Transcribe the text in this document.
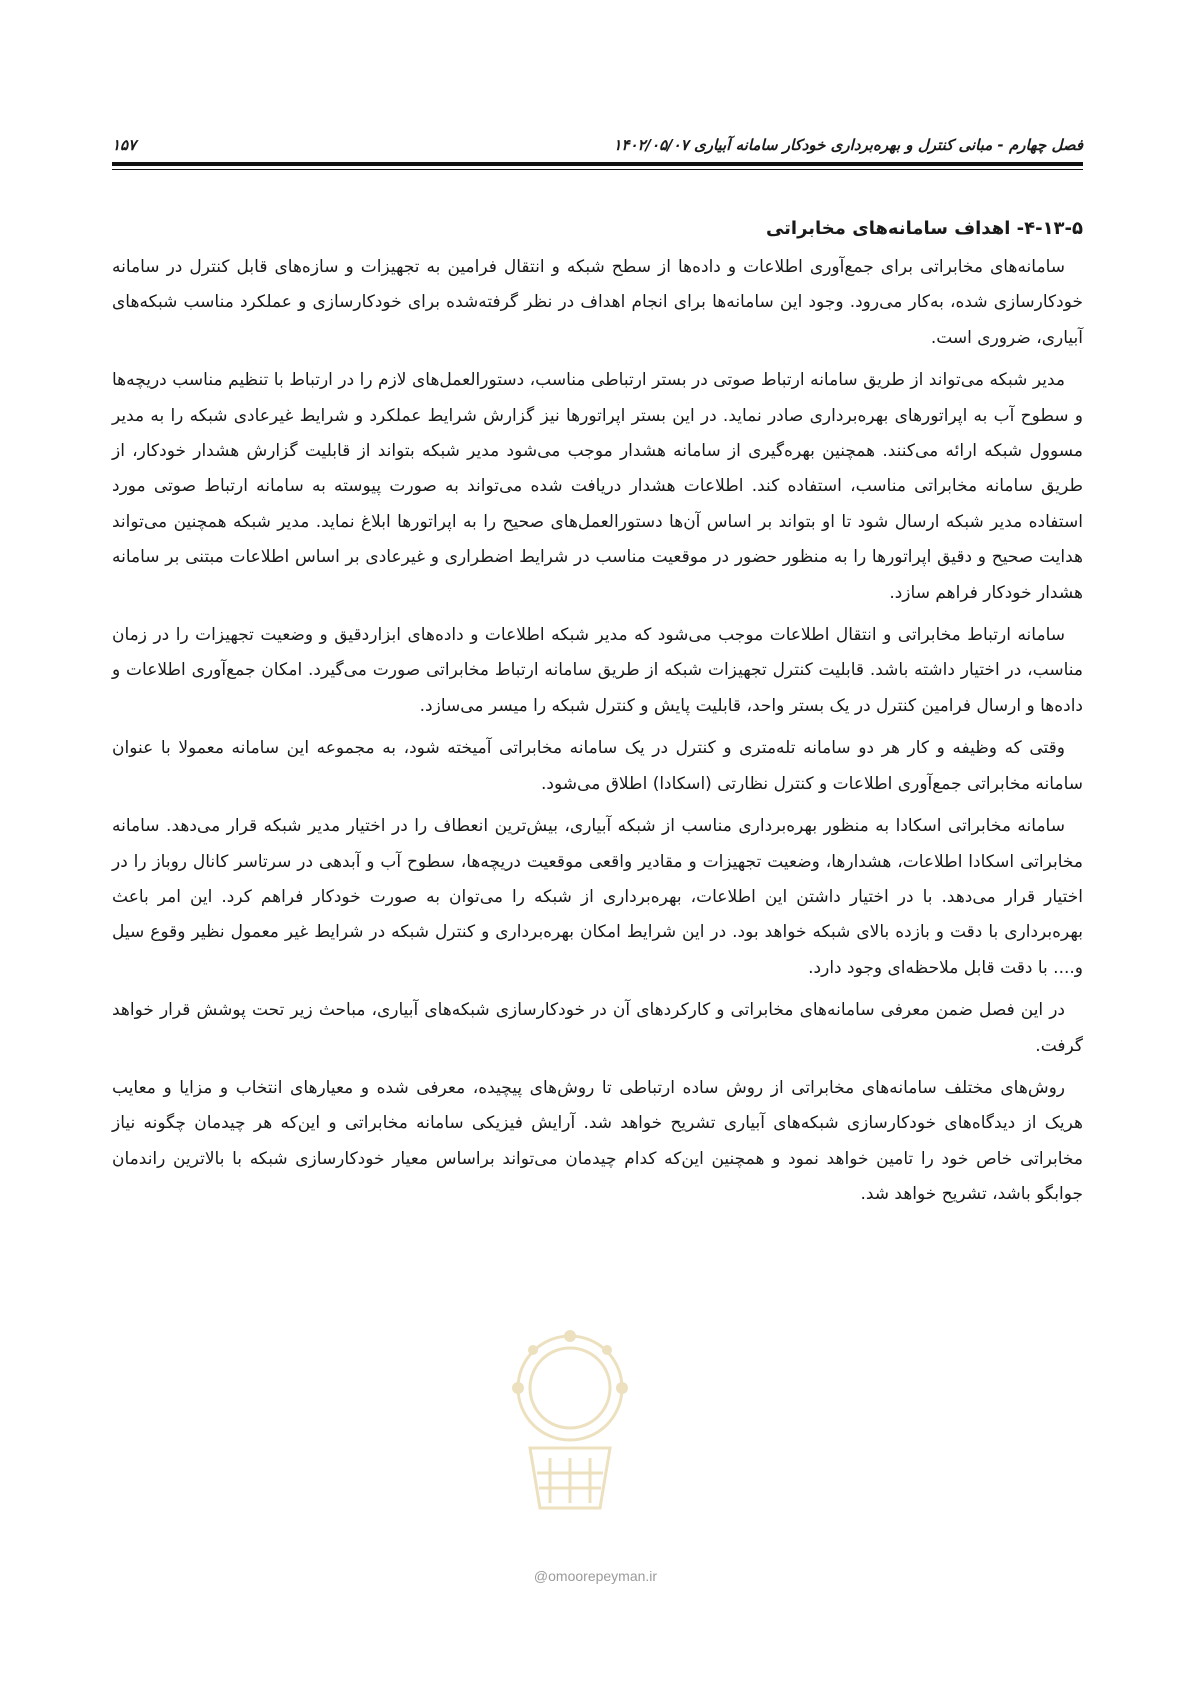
فصل چهارم - مبانی کنترل و بهره‌برداری خودکار سامانه آبیاری ۱۴۰۲/۰۵/۰۷
۱۵۷
۴-۱۳-۵- اهداف سامانه‌های مخابراتی

سامانه‌های مخابراتی برای جمع‌آوری اطلاعات و داده‌ها از سطح شبکه و انتقال فرامین به تجهیزات و سازه‌های قابل کنترل در سامانه خودکارسازی شده، به‌کار می‌رود. وجود این سامانه‌ها برای انجام اهداف در نظر گرفته‌شده برای خودکارسازی و عملکرد مناسب شبکه‌های آبیاری، ضروری است.

مدیر شبکه می‌تواند از طریق سامانه ارتباط صوتی در بستر ارتباطی مناسب، دستورالعمل‌های لازم را در ارتباط با تنظیم مناسب دریچه‌ها و سطوح آب به اپراتورهای بهره‌برداری صادر نماید. در این بستر اپراتورها نیز گزارش شرایط عملکرد و شرایط غیرعادی شبکه را به مدیر مسوول شبکه ارائه می‌کنند. همچنین بهره‌گیری از سامانه هشدار موجب می‌شود مدیر شبکه بتواند از قابلیت گزارش هشدار خودکار، از طریق سامانه مخابراتی مناسب، استفاده کند. اطلاعات هشدار دریافت شده می‌تواند به صورت پیوسته به سامانه ارتباط صوتی مورد استفاده مدیر شبکه ارسال شود تا او بتواند بر اساس آن‌ها دستورالعمل‌های صحیح را به اپراتورها ابلاغ نماید. مدیر شبکه همچنین می‌تواند هدایت صحیح و دقیق اپراتورها را به منظور حضور در موقعیت مناسب در شرایط اضطراری و غیرعادی بر اساس اطلاعات مبتنی بر سامانه هشدار خودکار فراهم سازد.

سامانه ارتباط مخابراتی و انتقال اطلاعات موجب می‌شود که مدیر شبکه اطلاعات و داده‌های ابزاردقیق و وضعیت تجهیزات را در زمان مناسب، در اختیار داشته باشد. قابلیت کنترل تجهیزات شبکه از طریق سامانه ارتباط مخابراتی صورت می‌گیرد. امکان جمع‌آوری اطلاعات و داده‌ها و ارسال فرامین کنترل در یک بستر واحد، قابلیت پایش و کنترل شبکه را میسر می‌سازد.

وقتی که وظیفه و کار هر دو سامانه تله‌متری و کنترل در یک سامانه مخابراتی آمیخته شود، به مجموعه این سامانه معمولا با عنوان سامانه مخابراتی جمع‌آوری اطلاعات و کنترل نظارتی (اسکادا) اطلاق می‌شود.

سامانه مخابراتی اسکادا به منظور بهره‌برداری مناسب از شبکه آبیاری، بیش‌ترین انعطاف را در اختیار مدیر شبکه قرار می‌دهد. سامانه مخابراتی اسکادا اطلاعات، هشدارها، وضعیت تجهیزات و مقادیر واقعی موقعیت دریچه‌ها، سطوح آب و آبدهی در سرتاسر کانال روباز را در اختیار قرار می‌دهد. با در اختیار داشتن این اطلاعات، بهره‌برداری از شبکه را می‌توان به صورت خودکار فراهم کرد. این امر باعث بهره‌برداری با دقت و بازده بالای شبکه خواهد بود. در این شرایط امکان بهره‌برداری و کنترل شبکه در شرایط غیر معمول نظیر وقوع سیل و.... با دقت قابل ملاحظه‌ای وجود دارد.

در این فصل ضمن معرفی سامانه‌های مخابراتی و کارکردهای آن در خودکارسازی شبکه‌های آبیاری، مباحث زیر تحت پوشش قرار خواهد گرفت.

روش‌های مختلف سامانه‌های مخابراتی از روش ساده ارتباطی تا روش‌های پیچیده، معرفی شده و معیارهای انتخاب و مزایا و معایب هریک از دیدگاه‌های خودکارسازی شبکه‌های آبیاری تشریح خواهد شد. آرایش فیزیکی سامانه مخابراتی و این‌که هر چیدمان چگونه نیاز مخابراتی خاص خود را تامین خواهد نمود و همچنین این‌که کدام چیدمان می‌تواند براساس معیار خودکارسازی شبکه با بالاترین راندمان جوابگو باشد، تشریح خواهد شد.

@omoorepeyman.ir
